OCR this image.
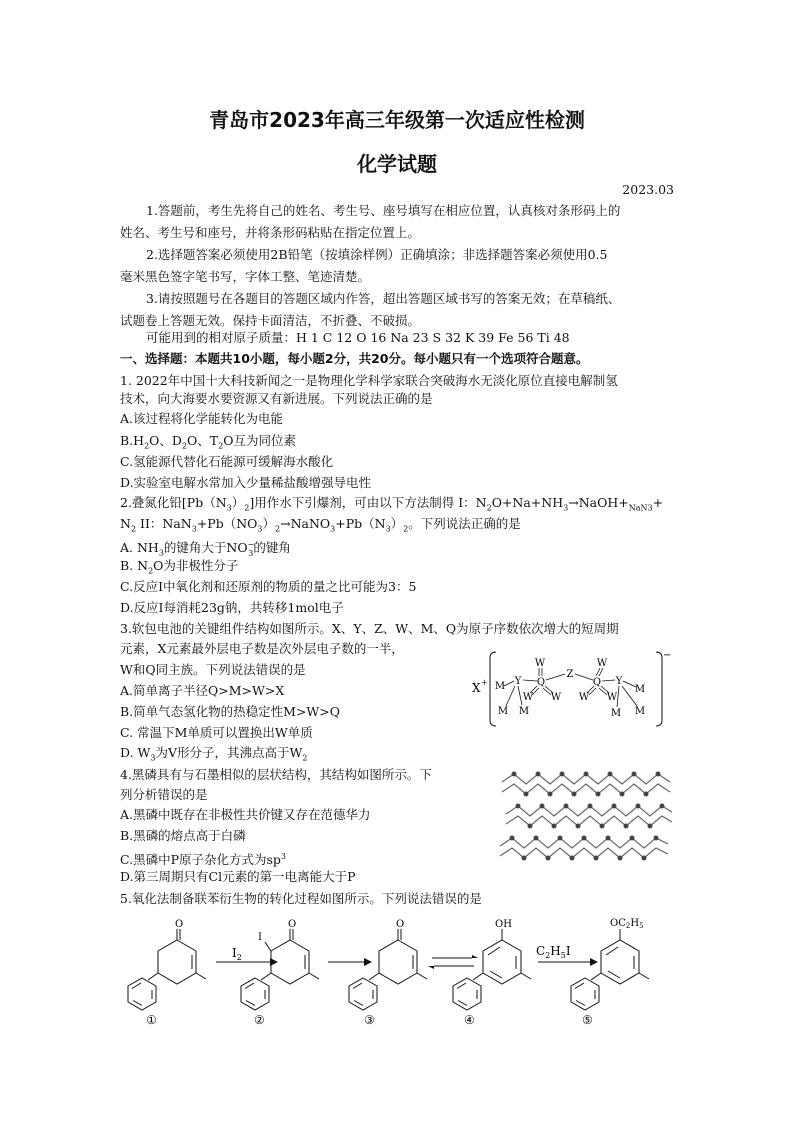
青岛市2023年高三年级第一次适应性检测
化学试题
2023.03
1.答题前，考生先将自己的姓名、考生号、座号填写在相应位置，认真核对条形码上的
姓名、考生号和座号，并将条形码粘贴在指定位置上。
2.选择题答案必须使用2B铅笔（按填涂样例）正确填涂；非选择题答案必须使用0.5
毫米黑色签字笔书写，字体工整、笔迹清楚。
3.请按照题号在各题目的答题区域内作答，超出答题区域书写的答案无效；在草稿纸、
试题卷上答题无效。保持卡面清洁，不折叠、不破损。
可能用到的相对原子质量：H 1 C 12 O 16 Na 23 S 32 K 39 Fe 56 Ti 48
一、选择题：本题共10小题，每小题2分，共20分。每小题只有一个选项符合题意。
1. 2022年中国十大科技新闻之一是物理化学科学家联合突破海水无淡化原位直接电解制氢
技术，向大海要水要资源又有新进展。下列说法正确的是
A.该过程将化学能转化为电能
$B.H_2O$、$D_2O$、$T_2O$互为同位素
C.氢能源代替化石能源可缓解海水酸化
D.实验室电解水常加入少量稀盐酸增强导电性
2.叠氮化铅$[Pb(N_3)_2]$用作水下引爆剂，可由以下方法制得 I：$N_2O+Na+NH_3\to NaOH+_{NaN3}+$
$N_2$ II：$NaN_3+Pb(NO_3)_2\to NaNO_3+Pb(N_3)_2$。下列说法正确的是
A. $NH_3$的键角大于$NO^-_3$的键角
B. $N_2O$为非极性分子
C.反应I中氧化剂和还原剂的物质的量之比可能为3：5
D.反应I每消耗23g钠，共转移1mol电子
3.软包电池的关键组件结构如图所示。X、Y、Z、W、M、Q为原子序数依次增大的短周期
元素，X元素最外层电子数是次外层电子数的一半，
W和Q同主族。下列说法错误的是
A.简单离子半径Q>M>W>X
B.简单气态氢化物的热稳定性M>W>Q
C. 常温下M单质可以置换出W单质
D. $W_3$为V形分子，其沸点高于$W_2$
X +
−
M Y
M M
W
Q
W W
Z
W
Q
W W
Y
M
M M
4.黑磷具有与石墨相似的层状结构，其结构如图所示。下
列分析错误的是
A.黑磷中既存在非极性共价键又存在范德华力
B.黑磷的熔点高于白磷
C.黑磷中P原子杂化方式为$sp^3$
D.第三周期只有Cl元素的第一电离能大于P
5.氧化法制备联苯衍生物的转化过程如图所示。下列说法错误的是
O
①
$I_2$
O
I
②
O
③
OH
④
$C_2H_5I$
$OC_2H_5$
⑤
